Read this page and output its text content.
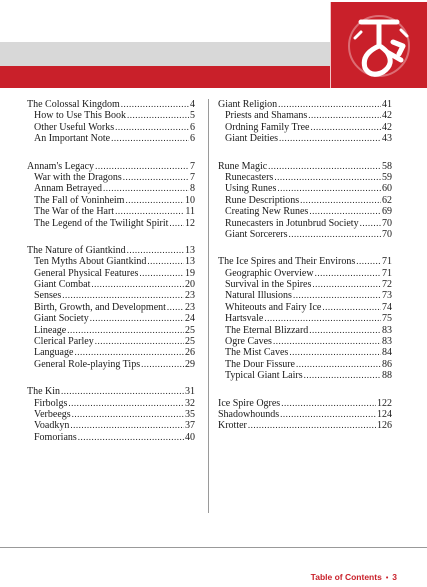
The Colossal Kingdom .....	4
How to Use This Book .....	5
Other Useful Works .....	6
An Important Note .....	6
Annam's Legacy .....	7
War with the Dragons .....	7
Annam Betrayed .....	8
The Fall of Voninheim .....	10
The War of the Hart .....	11
The Legend of the Twilight Spirit ..... 12
The Nature of Giantkind .....	13
Ten Myths About Giantkind .....	13
General Physical Features .....	19
Giant Combat .....	20
Senses .....	23
Birth, Growth, and Development ..... 23
Giant Society .....	24
Lineage .....	25
Clerical Parley .....	25
Language .....	26
General Role-playing Tips .....	29
The Kin .....	31
Firbolgs .....	32
Verbeegs .....	35
Voadkyn .....	37
Fomorians .....	40
Giant Religion .....	41
Priests and Shamans .....	42
Ordning Family Tree .....	42
Giant Deities .....	43
Rune Magic .....	58
Runecasters .....	59
Using Runes .....	60
Rune Descriptions .....	62
Creating New Runes .....	69
Runecasters in Jotunbrud Society ..... 70
Giant Sorcerers .....	70
The Ice Spires and Their Environs .....	71
Geographic Overview .....	71
Survival in the Spires .....	72
Natural Illusions .....	73
Whiteouts and Fairy Ice .....	74
Hartsvale .....	75
The Eternal Blizzard .....	83
Ogre Caves .....	83
The Mist Caves .....	84
The Dour Fissure .....	86
Typical Giant Lairs .....	88
Ice Spire Ogres .....	122
Shadowhounds .....	124
Krotter .....	126
Table of Contents • 3
